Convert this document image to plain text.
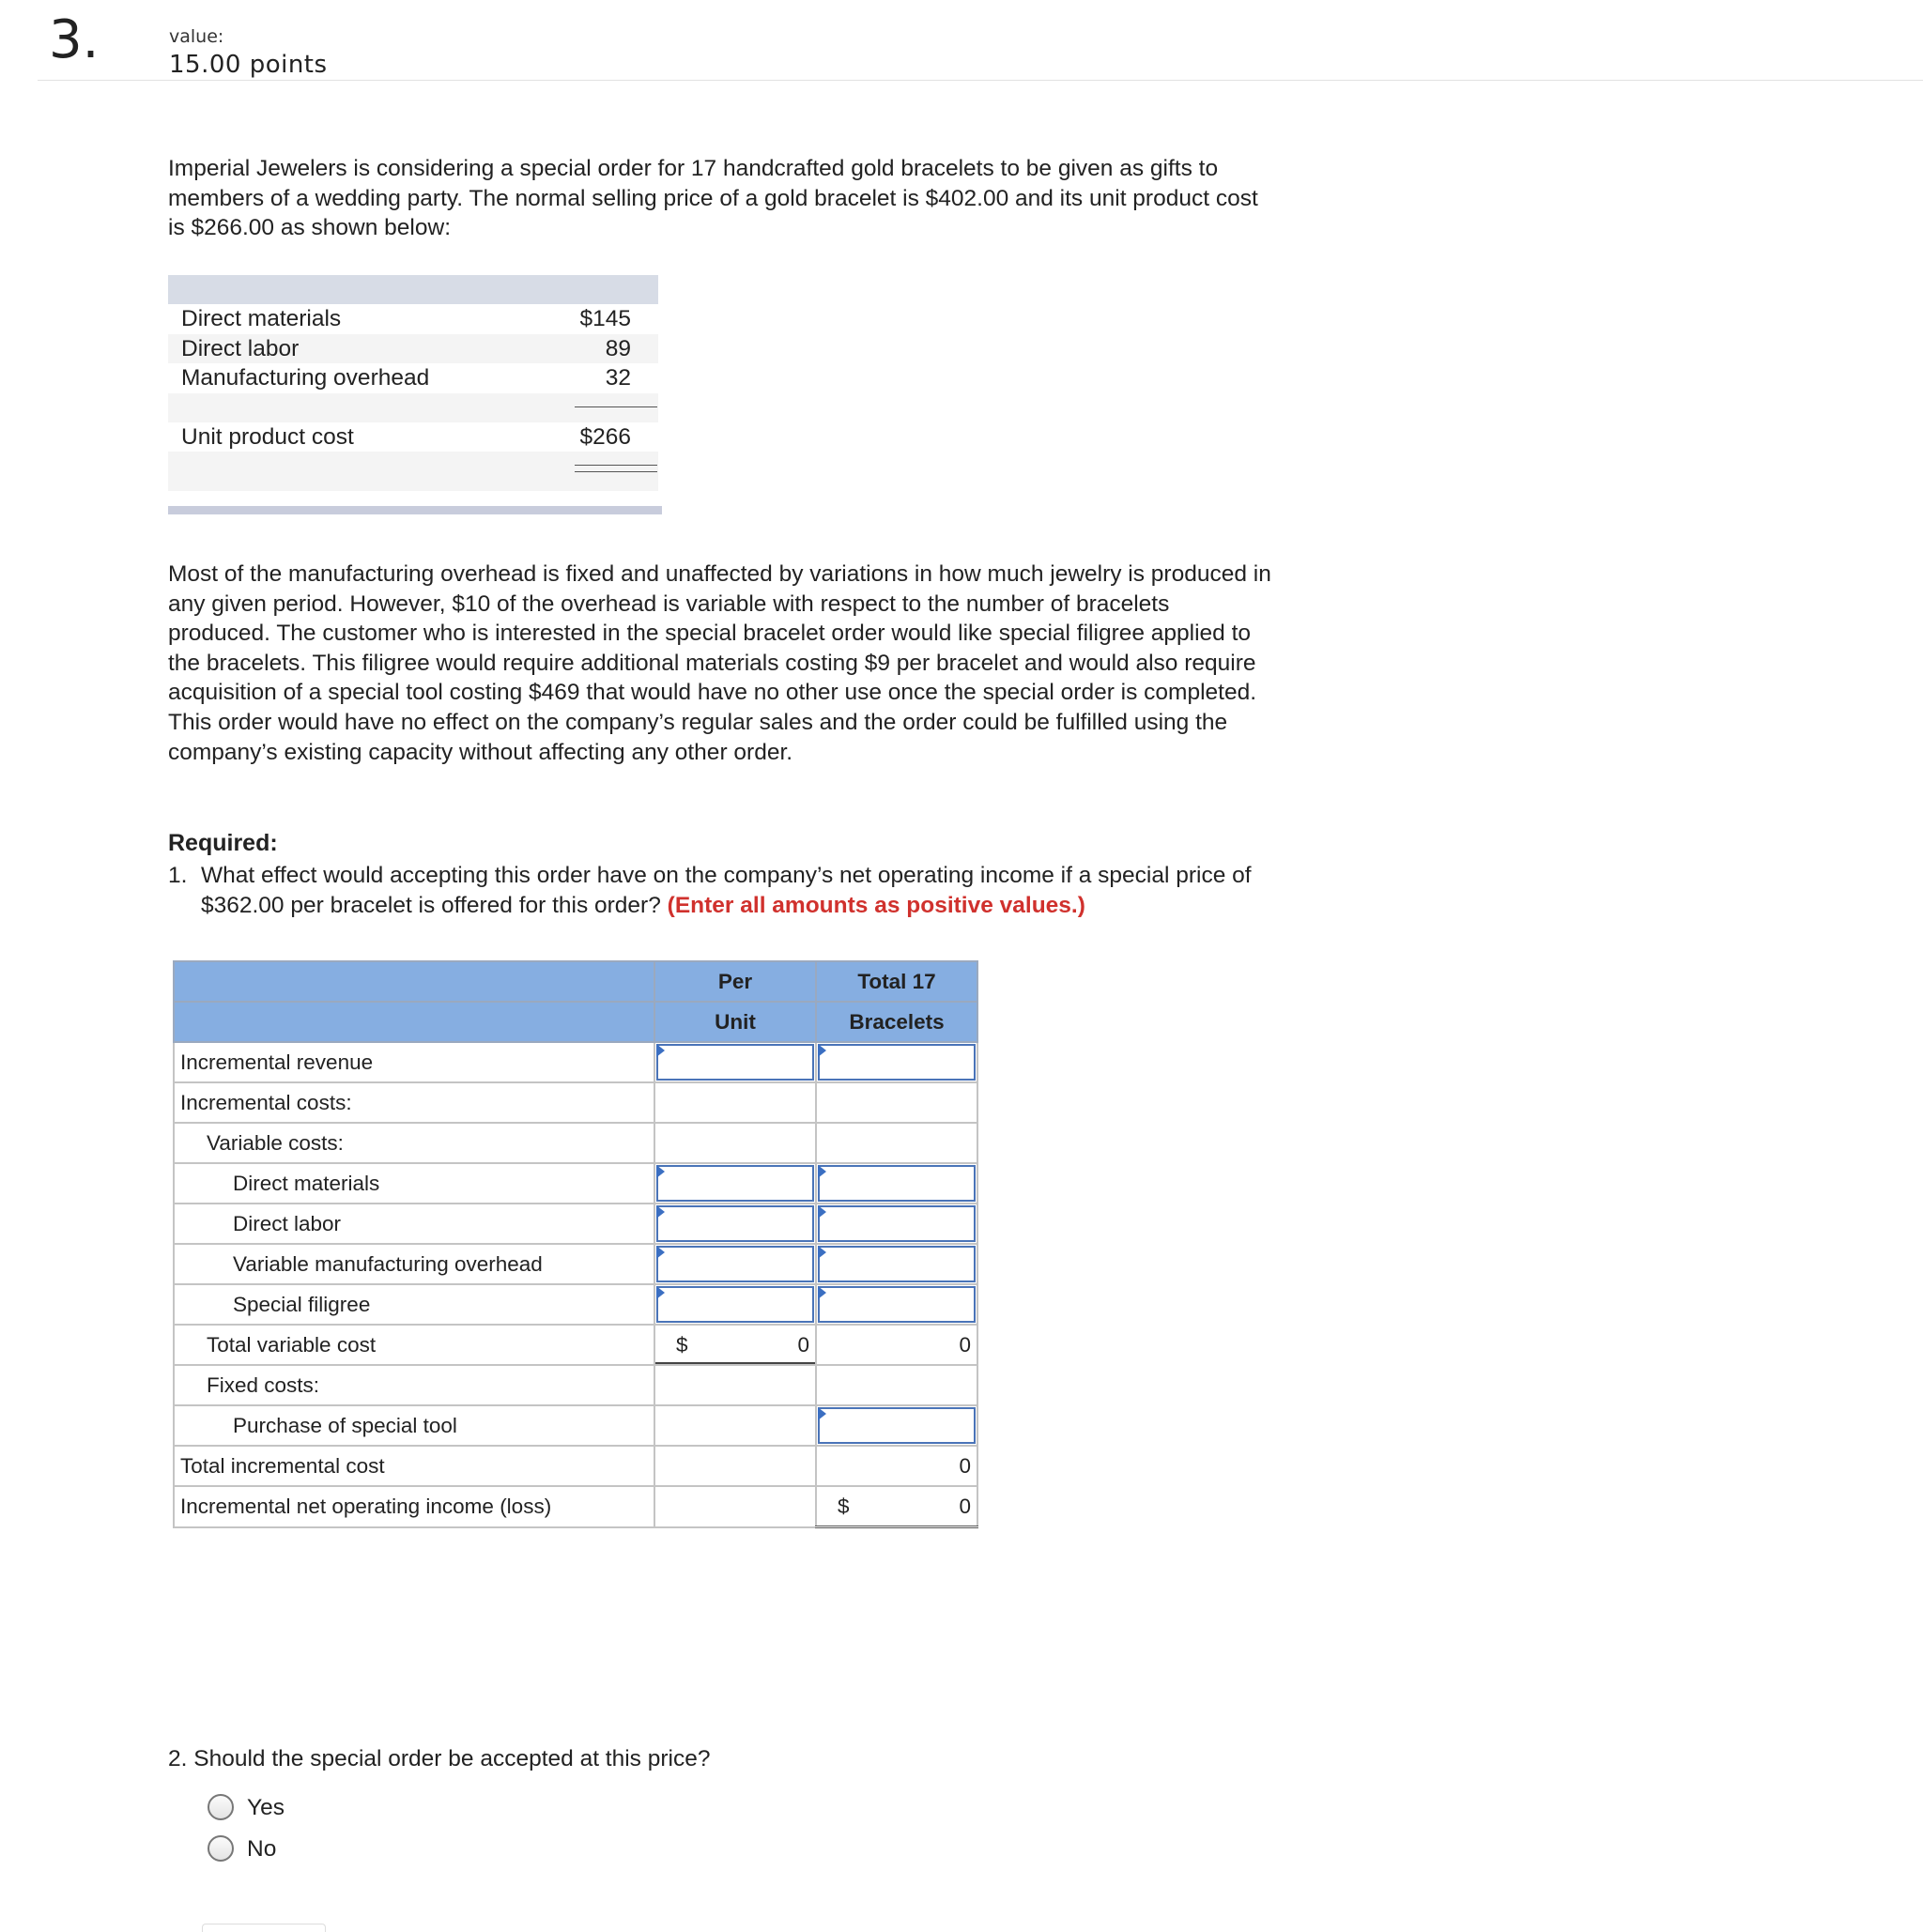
3.	value:
15.00 points
Imperial Jewelers is considering a special order for 17 handcrafted gold bracelets to be given as gifts to members of a wedding party. The normal selling price of a gold bracelet is $402.00 and its unit product cost is $266.00 as shown below:
Direct materials	$145
Direct labor	89
Manufacturing overhead	32
Unit product cost	$266
Most of the manufacturing overhead is fixed and unaffected by variations in how much jewelry is produced in any given period. However, $10 of the overhead is variable with respect to the number of bracelets produced. The customer who is interested in the special bracelet order would like special filigree applied to the bracelets. This filigree would require additional materials costing $9 per bracelet and would also require acquisition of a special tool costing $469 that would have no other use once the special order is completed. This order would have no effect on the company’s regular sales and the order could be fulfilled using the company’s existing capacity without affecting any other order.
Required:
1. What effect would accepting this order have on the company’s net operating income if a special price of $362.00 per bracelet is offered for this order? (Enter all amounts as positive values.)
	Per	Total 17
	Unit	Bracelets
Incremental revenue	

Incremental costs:		
Variable costs:		
Direct materials	

Direct labor	

Variable manufacturing overhead	

Special filigree	

Total variable cost	$ 0	0

Fixed costs:		
Purchase of special tool		

Total incremental cost		0

Incremental net operating income (loss)		$ 0
2. Should the special order be accepted at this price?
Yes
No
